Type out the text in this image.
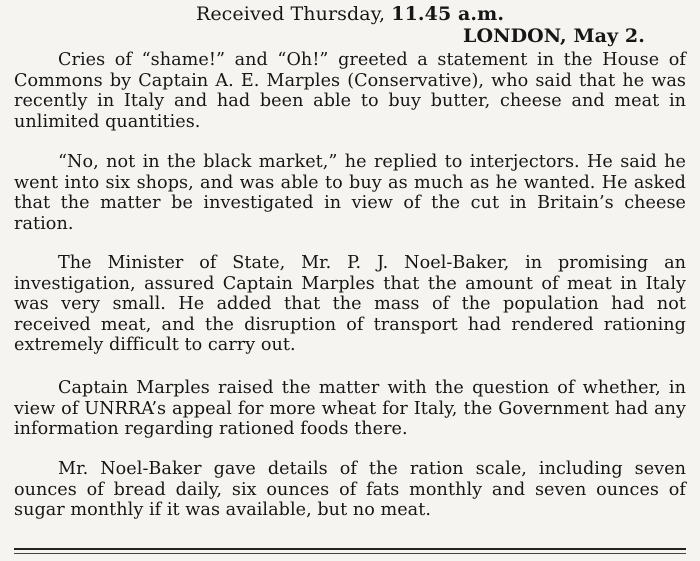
Received Thursday, 11.45 a.m.
LONDON, May 2.
Cries of “shame!” and “Oh!” greeted a statement in the House of Commons by Captain A. E. Marples (Conservative), who said that he was recently in Italy and had been able to buy butter, cheese and meat in unlimited quantities.
“No, not in the black market,” he replied to interjectors. He said he went into six shops, and was able to buy as much as he wanted. He asked that the matter be investigated in view of the cut in Britain’s cheese ration.
The Minister of State, Mr. P. J. Noel-Baker, in promising an investigation, assured Captain Marples that the amount of meat in Italy was very small. He added that the mass of the population had not received meat, and the disruption of transport had rendered rationing extremely difficult to carry out.
Captain Marples raised the matter with the question of whether, in view of UNRRA’s appeal for more wheat for Italy, the Government had any information regarding rationed foods there.
Mr. Noel-Baker gave details of the ration scale, including seven ounces of bread daily, six ounces of fats monthly and seven ounces of sugar monthly if it was available, but no meat.
